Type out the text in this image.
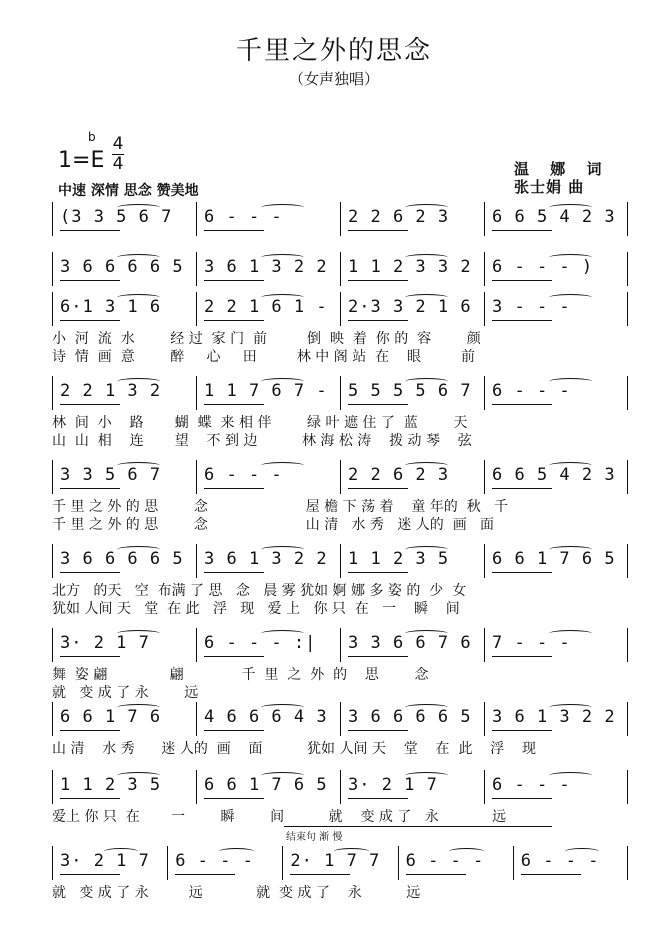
千里之外的思念
（女声独唱）
1=E
b 4
4
中速 深情 思念 赞美地
温 娜 词
张士娟 曲
(3 3 5 6 7	6 - - -	2 2 6 2 3	6 6 5 4 2 3
3 6 6 6 6 5	3 6 1 3 2 2	1 1 2 3 3 2	6 - - - )
6·1 3 1 6	2 2 1 6 1 -	2·3 3 2 1 6	3 - - -
小  河  流  水        经 过  家 门  前         倒  映  着  你 的  容        颜
诗  情  画  意        醉     心     田         林 中 阁 站  在    眼         前
2 2 1 3 2	1 1 7 6 7 -	5 5 5 5 6 7	6 - - -
林  间  小    路       蝴  蝶  来 相 伴        绿 叶 遮 住 了  蓝        天
山  山  相    连       望    不 到 边          林 海 松 涛    拨 动 琴    弦
3 3 5 6 7	6 - - -	2 2 6 2 3	6 6 5 4 2 3
千 里 之 外 的 思        念                      屋 檐 下 荡 着    童 年的  秋   千
千 里 之 外 的 思        念                      山 清   水 秀   迷 人的  画   面
3 6 6 6 6 5	3 6 1 3 2 2	1 1 2 3 5	6 6 1 7 6 5
北方   的天   空  布满 了 思   念   晨 雾 犹如 婀 娜 多 姿 的  少  女
犹如 人间 天   堂  在 此   浮   现   爱 上   你 只  在   一    瞬    间
3· 2 1 7	6 - - - :|	3 3 6 6 7 6	7 - - -
舞  姿 翩              翩             千  里  之  外  的    思        念
就   变 成 了 永        远
6 6 1 7 6	4 6 6 6 4 3	3 6 6 6 6 5	3 6 1 3 2 2
山 清    水 秀      迷 人的  画    面          犹如 人间 天    堂    在  此    浮    现
1 1 2 3 5	6 6 1 7 6 5	3· 2 1 7	6 - - -
爱上 你 只  在       一        瞬        间          就    变 成 了   永            远
3· 2 1 7	6 - - -	2· 1 7 7	6 - - -	6 - - -
就   变 成 了 永         远            就  变 成 了    永          远
结束句 渐 慢
